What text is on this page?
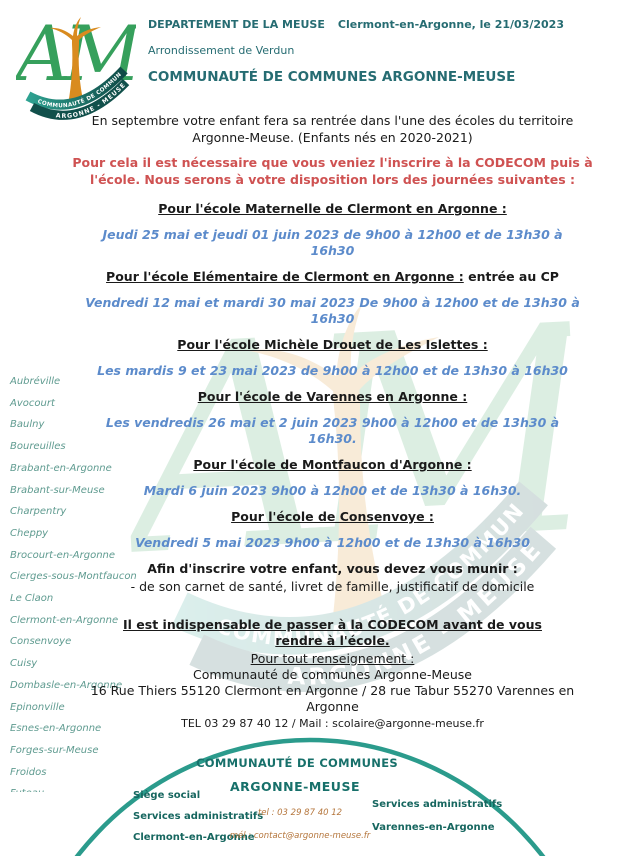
DEPARTEMENT DE LA MEUSE Clermont-en-Argonne, le 21/03/2023
Arrondissement de Verdun
COMMUNAUTÉ DE COMMUNES ARGONNE-MEUSE
Aubréville
Avocourt
Baulny
Boureuilles
Brabant-en-Argonne
Brabant-sur-Meuse
Charpentry
Cheppy
Brocourt-en-Argonne
Cierges-sous-Montfaucon
Le Claon
Clermont-en-Argonne
Consenvoye
Cuisy
Dombasle-en-Argonne
Epinonville
Esnes-en-Argonne
Forges-sur-Meuse
Froidos

En septembre votre enfant fera sa rentrée dans l'une des écoles du territoire Argonne-Meuse. (Enfants nés en 2020-2021)

Pour cela il est nécessaire que vous veniez l'inscrire à la CODECOM puis à l'école. Nous serons à votre disposition lors des journées suivantes :

Pour l'école Maternelle de Clermont en Argonne :

Jeudi 25 mai et jeudi 01 juin 2023 de 9h00 à 12h00 et de 13h30 à 16h30

Pour l'école Elémentaire de Clermont en Argonne : entrée au CP

Vendredi 12 mai et mardi 30 mai 2023 De 9h00 à 12h00 et de 13h30 à 16h30

Pour l'école Michèle Drouet de Les Islettes :

Les mardis 9 et 23 mai 2023 de 9h00 à 12h00 et de 13h30 à 16h30

Pour l'école de Varennes en Argonne :

Les vendredis 26 mai et 2 juin 2023 9h00 à 12h00 et de 13h30 à 16h30.

Pour l'école de Montfaucon d'Argonne :

Mardi 6 juin 2023 9h00 à 12h00 et de 13h30 à 16h30.

Pour l'école de Consenvoye :

Vendredi 5 mai 2023 9h00 à 12h00 et de 13h30 à 16h30

Afin d'inscrire votre enfant, vous devez vous munir :

- de son carnet de santé, livret de famille, justificatif de domicile

Il est indispensable de passer à la CODECOM avant de vous rendre à l'école.

Pour tout renseignement :

Communauté de communes Argonne-Meuse

16 Rue Thiers 55120 Clermont en Argonne / 28 rue Tabur 55270 Varennes en Argonne

TEL 03 29 87 40 12 / Mail : scolaire@argonne-meuse.fr

COMMUNAUTÉ DE COMMUNES
ARGONNE-MEUSE
Siège social
Services administratifs
Clermont-en-Argonne
tel : 03 29 87 40 12
mél : contact@argonne-meuse.fr
Services administratifs
Varennes-en-Argonne
